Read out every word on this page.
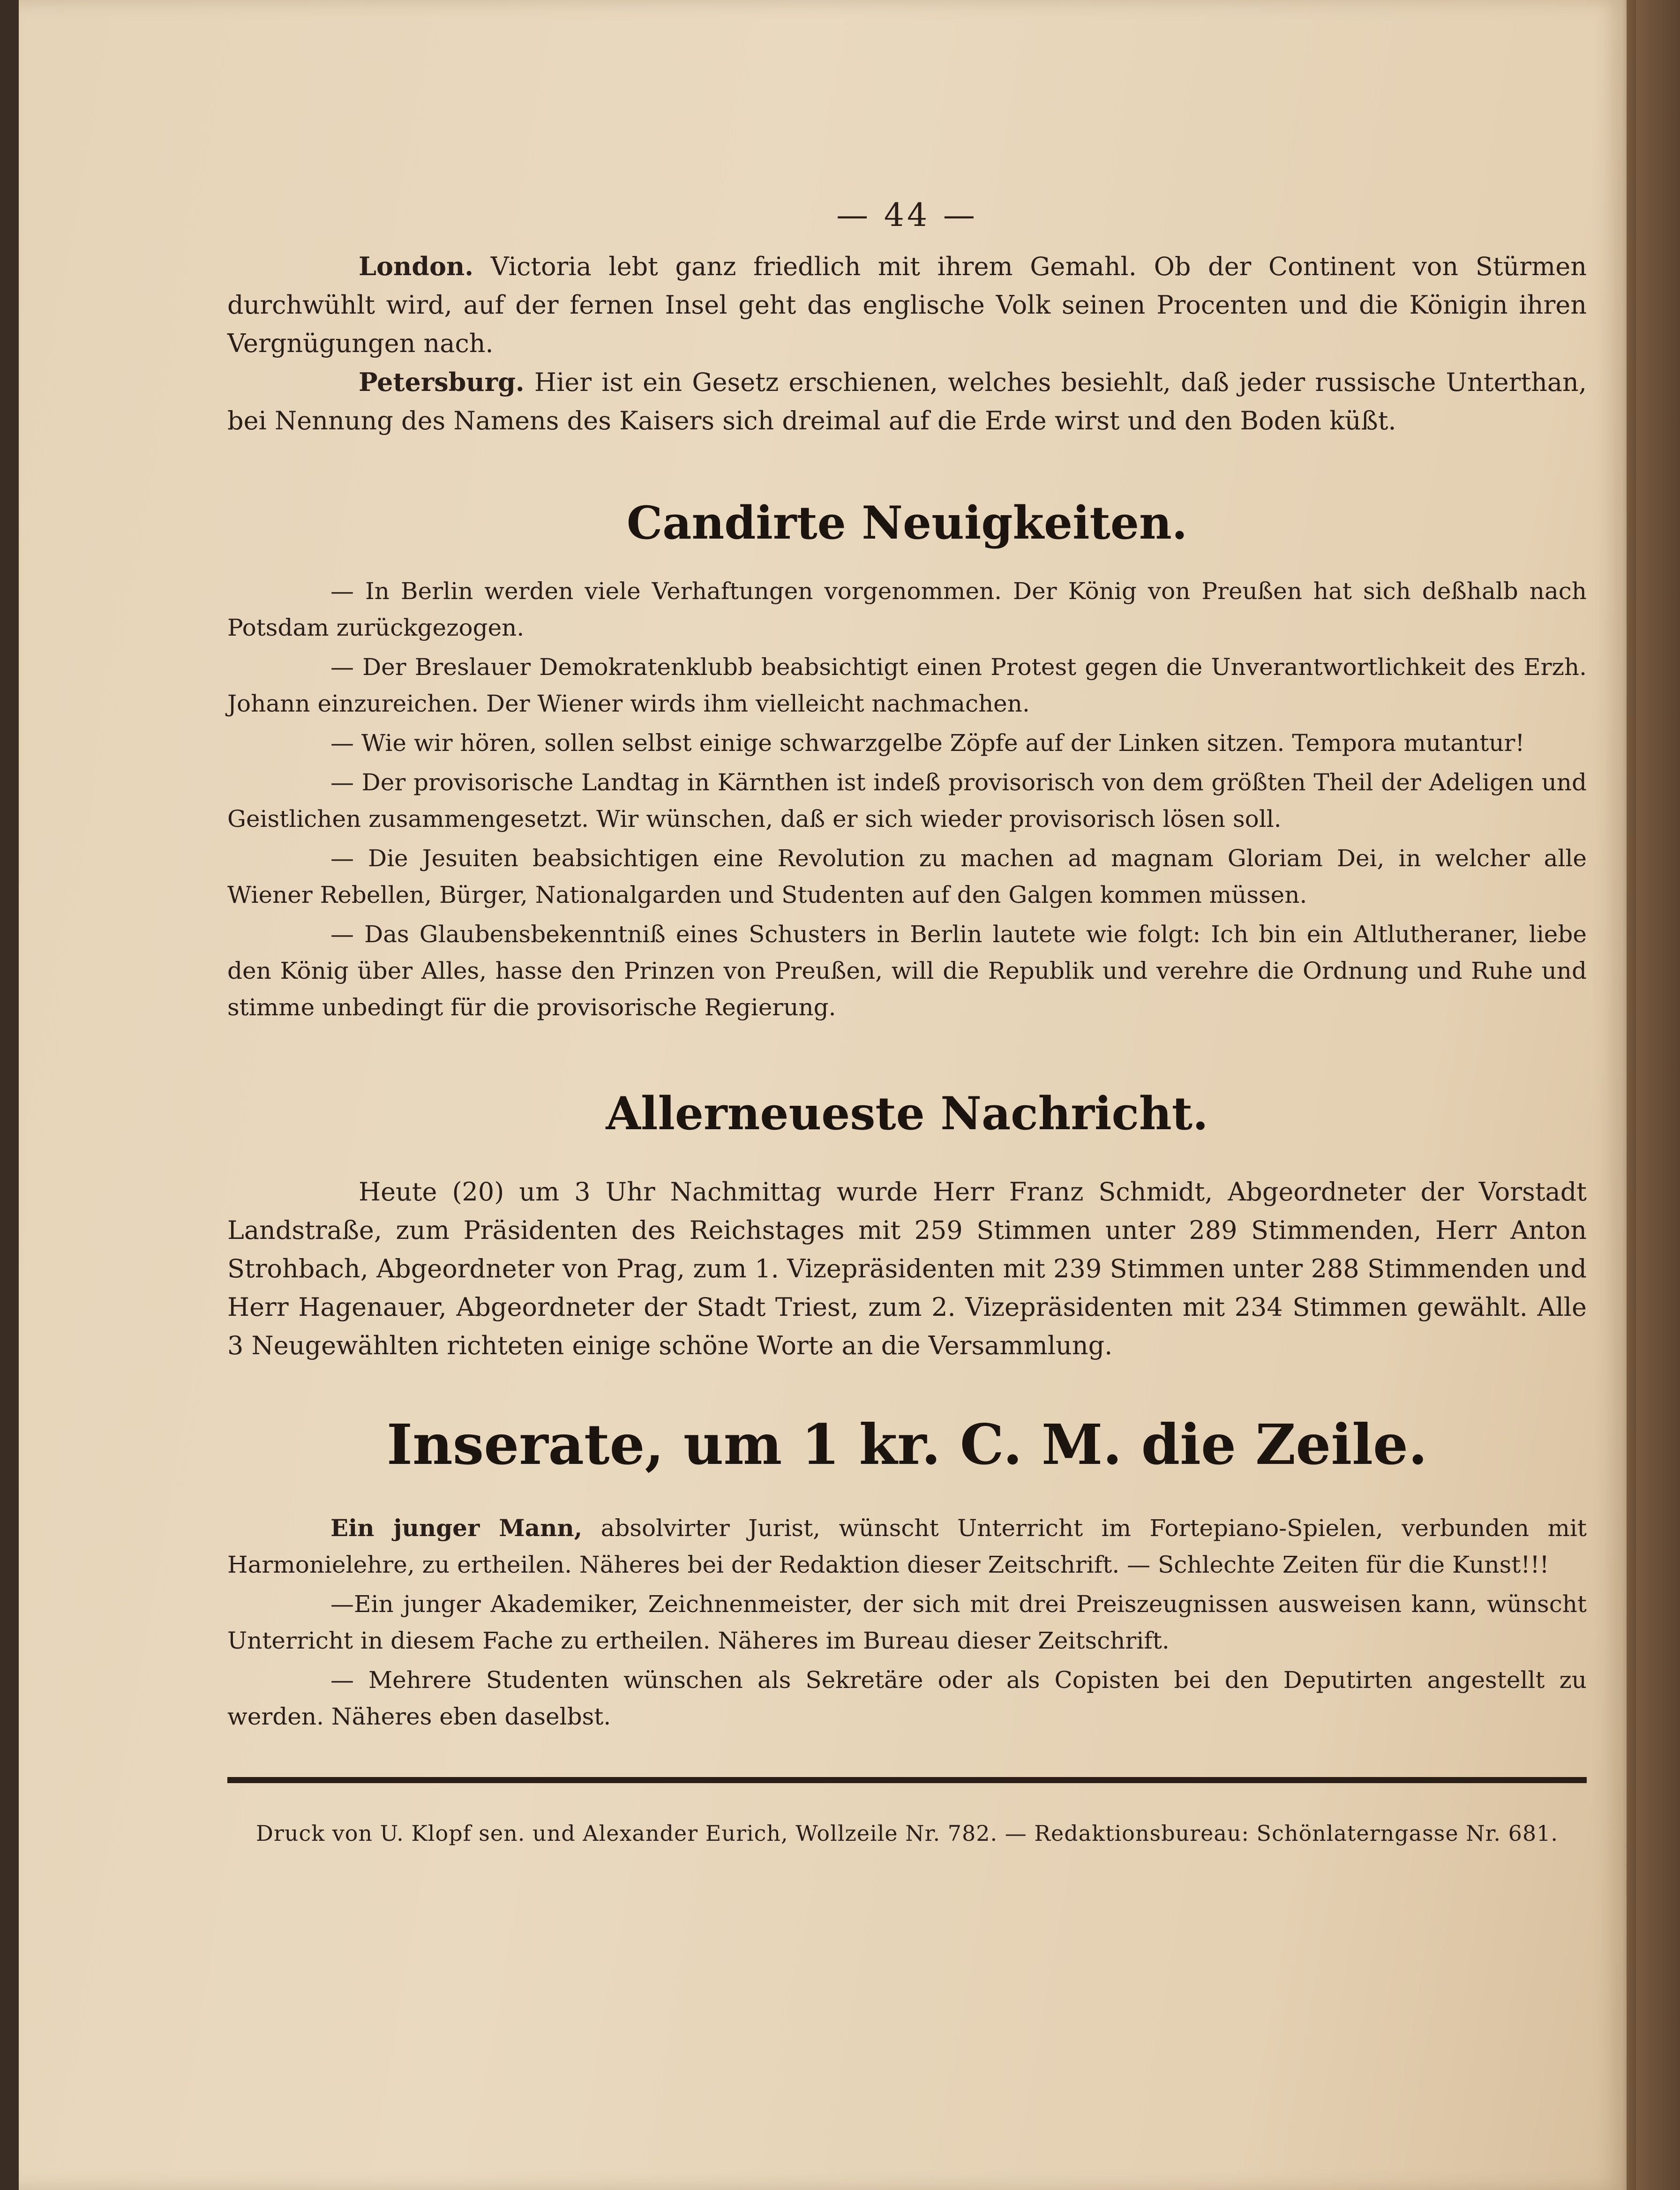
— 44 —

London. Victoria lebt ganz friedlich mit ihrem Gemahl. Ob der Continent von Stürmen durchwühlt wird, auf der fernen Insel geht das englische Volk seinen Procenten und die Königin ihren Vergnügungen nach.

Petersburg. Hier ist ein Gesetz erschienen, welches besiehlt, daß jeder russische Unterthan, bei Nennung des Namens des Kaisers sich dreimal auf die Erde wirst und den Boden küßt.

Candirte Neuigkeiten.

— In Berlin werden viele Verhaftungen vorgenommen. Der König von Preußen hat sich deßhalb nach Potsdam zurückgezogen.

— Der Breslauer Demokratenklubb beabsichtigt einen Protest gegen die Unverantwortlichkeit des Erzh. Johann einzureichen. Der Wiener wirds ihm vielleicht nachmachen.

— Wie wir hören, sollen selbst einige schwarzgelbe Zöpfe auf der Linken sitzen. Tempora mutantur!

— Der provisorische Landtag in Kärnthen ist indeß provisorisch von dem größten Theil der Adeligen und Geistlichen zusammengesetzt. Wir wünschen, daß er sich wieder provisorisch lösen soll.

— Die Jesuiten beabsichtigen eine Revolution zu machen ad magnam Gloriam Dei, in welcher alle Wiener Rebellen, Bürger, Nationalgarden und Studenten auf den Galgen kommen müssen.

— Das Glaubensbekenntniß eines Schusters in Berlin lautete wie folgt: Ich bin ein Altlutheraner, liebe den König über Alles, hasse den Prinzen von Preußen, will die Republik und verehre die Ordnung und Ruhe und stimme unbedingt für die provisorische Regierung.

Allerneueste Nachricht.

Heute (20) um 3 Uhr Nachmittag wurde Herr Franz Schmidt, Abgeordneter der Vorstadt Landstraße, zum Präsidenten des Reichstages mit 259 Stimmen unter 289 Stimmenden, Herr Anton Strohbach, Abgeordneter von Prag, zum 1. Vizepräsidenten mit 239 Stimmen unter 288 Stimmenden und Herr Hagenauer, Abgeordneter der Stadt Triest, zum 2. Vizepräsidenten mit 234 Stimmen gewählt. Alle 3 Neugewählten richteten einige schöne Worte an die Versammlung.

Inserate, um 1 kr. C. M. die Zeile.

Ein junger Mann, absolvirter Jurist, wünscht Unterricht im Fortepiano-Spielen, verbunden mit Harmonielehre, zu ertheilen. Näheres bei der Redaktion dieser Zeitschrift. — Schlechte Zeiten für die Kunst!!!

—Ein junger Akademiker, Zeichnenmeister, der sich mit drei Preiszeugnissen ausweisen kann, wünscht Unterricht in diesem Fache zu ertheilen. Näheres im Bureau dieser Zeitschrift.

— Mehrere Studenten wünschen als Sekretäre oder als Copisten bei den Deputirten angestellt zu werden. Näheres eben daselbst.

Druck von U. Klopf sen. und Alexander Eurich, Wollzeile Nr. 782. — Redaktionsbureau: Schönlaterngasse Nr. 681.
